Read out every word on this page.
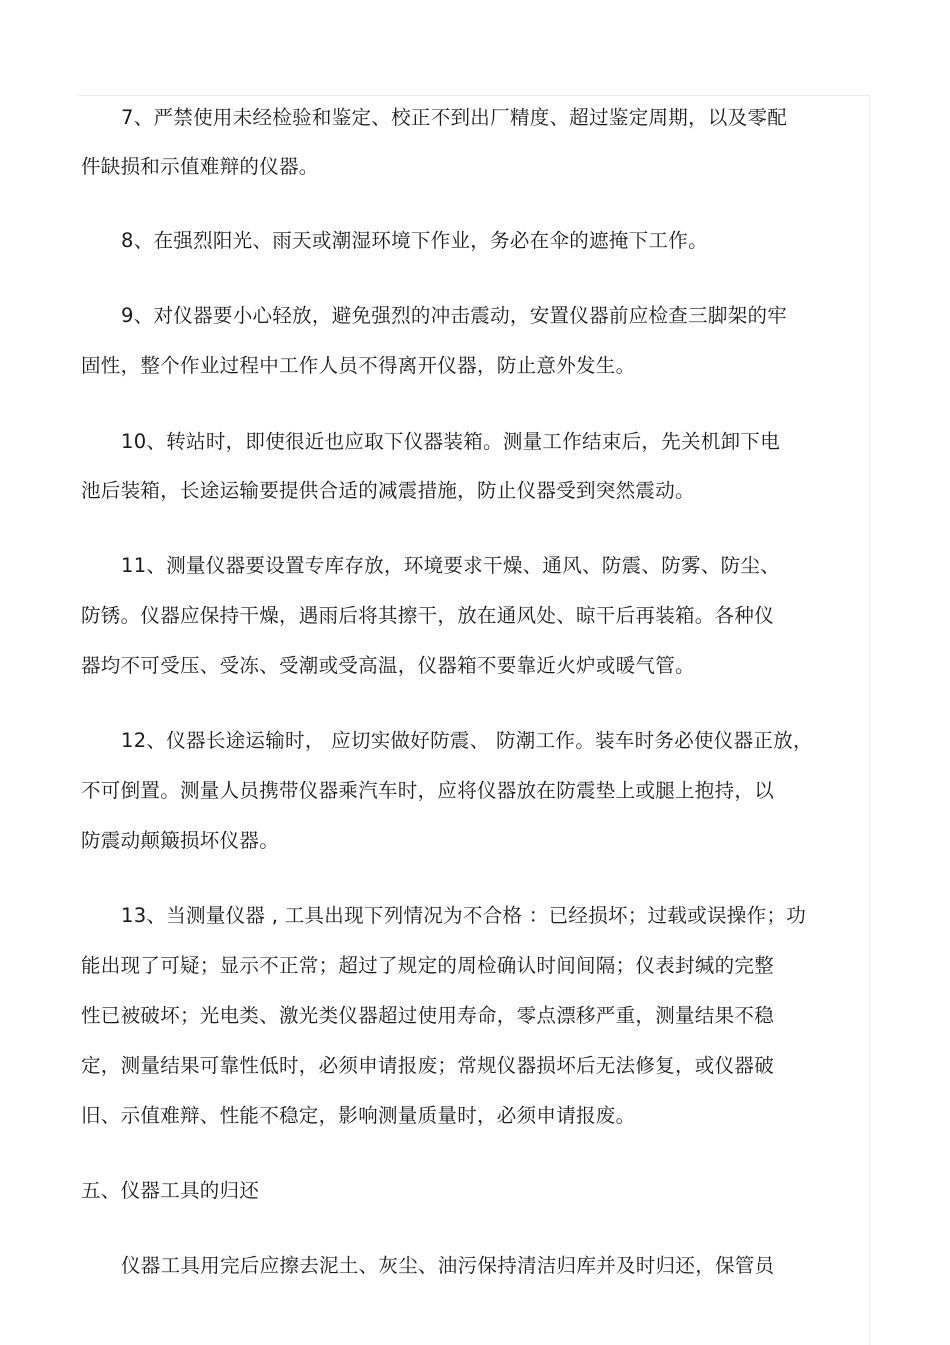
7、严禁使用未经检验和鉴定、校正不到出厂精度、超过鉴定周期，以及零配
件缺损和示值难辩的仪器。
8、在强烈阳光、雨天或潮湿环境下作业，务必在伞的遮掩下工作。
9、对仪器要小心轻放，避免强烈的冲击震动，安置仪器前应检查三脚架的牢
固性，整个作业过程中工作人员不得离开仪器，防止意外发生。
10、转站时，即使很近也应取下仪器装箱。测量工作结束后，先关机卸下电
池后装箱，长途运输要提供合适的减震措施，防止仪器受到突然震动。
11、测量仪器要设置专库存放，环境要求干燥、通风、防震、防雾、防尘、
防锈。仪器应保持干燥，遇雨后将其擦干，放在通风处、晾干后再装箱。各种仪
器均不可受压、受冻、受潮或受高温，仪器箱不要靠近火炉或暖气管。
12、仪器长途运输时， 应切实做好防震、 防潮工作。装车时务必使仪器正放，
不可倒置。测量人员携带仪器乘汽车时，应将仪器放在防震垫上或腿上抱持，以
防震动颠簸损坏仪器。
13、当测量仪器 , 工具出现下列情况为不合格 ：已经损坏；过载或误操作；功
能出现了可疑；显示不正常；超过了规定的周检确认时间间隔；仪表封缄的完整
性已被破坏；光电类、激光类仪器超过使用寿命，零点漂移严重，测量结果不稳
定，测量结果可靠性低时，必须申请报废；常规仪器损坏后无法修复，或仪器破
旧、示值难辩、性能不稳定，影响测量质量时，必须申请报废。
五、仪器工具的归还
仪器工具用完后应擦去泥土、灰尘、油污保持清洁归库并及时归还，保管员
